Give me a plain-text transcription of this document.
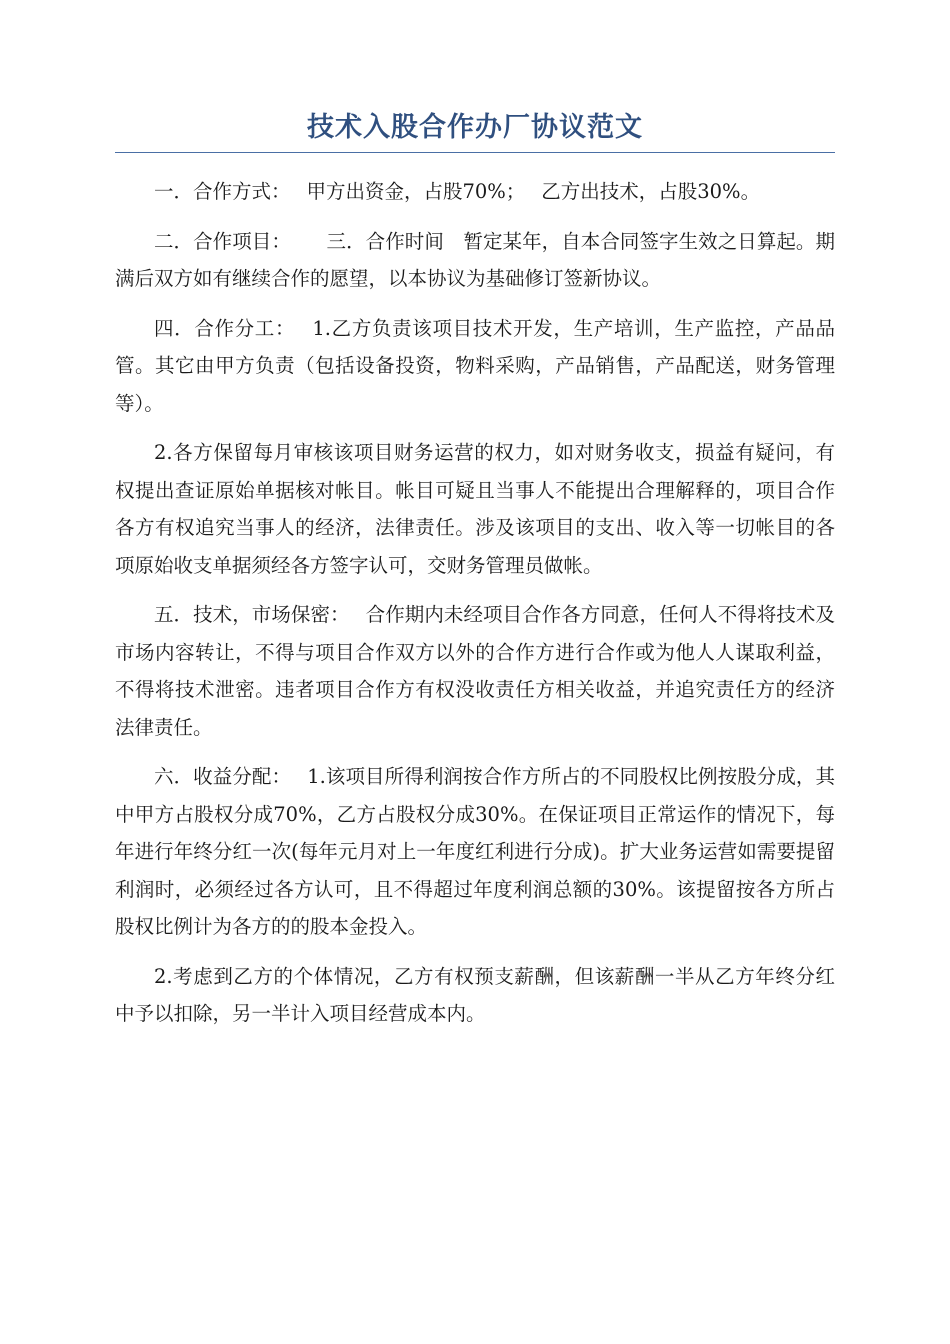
技术入股合作办厂协议范文

一．合作方式：　 甲方出资金，占股70%；　 乙方出技术，占股30%。

二．合作项目：　　 三．合作时间　暂定某年，自本合同签字生效之日算起。期满后双方如有继续合作的愿望，以本协议为基础修订签新协议。

四．合作分工：　 1.乙方负责该项目技术开发，生产培训，生产监控，产品品管。其它由甲方负责（包括设备投资，物料采购，产品销售，产品配送，财务管理等）。

2.各方保留每月审核该项目财务运营的权力，如对财务收支，损益有疑问，有权提出查证原始单据核对帐目。帐目可疑且当事人不能提出合理解释的，项目合作各方有权追究当事人的经济，法律责任。涉及该项目的支出、收入等一切帐目的各项原始收支单据须经各方签字认可，交财务管理员做帐。

五．技术，市场保密：　 合作期内未经项目合作各方同意，任何人不得将技术及市场内容转让，不得与项目合作双方以外的合作方进行合作或为他人人谋取利益，不得将技术泄密。违者项目合作方有权没收责任方相关收益，并追究责任方的经济法律责任。

六．收益分配：　 1.该项目所得利润按合作方所占的不同股权比例按股分成，其中甲方占股权分成70%，乙方占股权分成30%。在保证项目正常运作的情况下，每年进行年终分红一次(每年元月对上一年度红利进行分成)。扩大业务运营如需要提留利润时，必须经过各方认可，且不得超过年度利润总额的30%。该提留按各方所占股权比例计为各方的的股本金投入。

2.考虑到乙方的个体情况，乙方有权预支薪酬，但该薪酬一半从乙方年终分红中予以扣除，另一半计入项目经营成本内。
